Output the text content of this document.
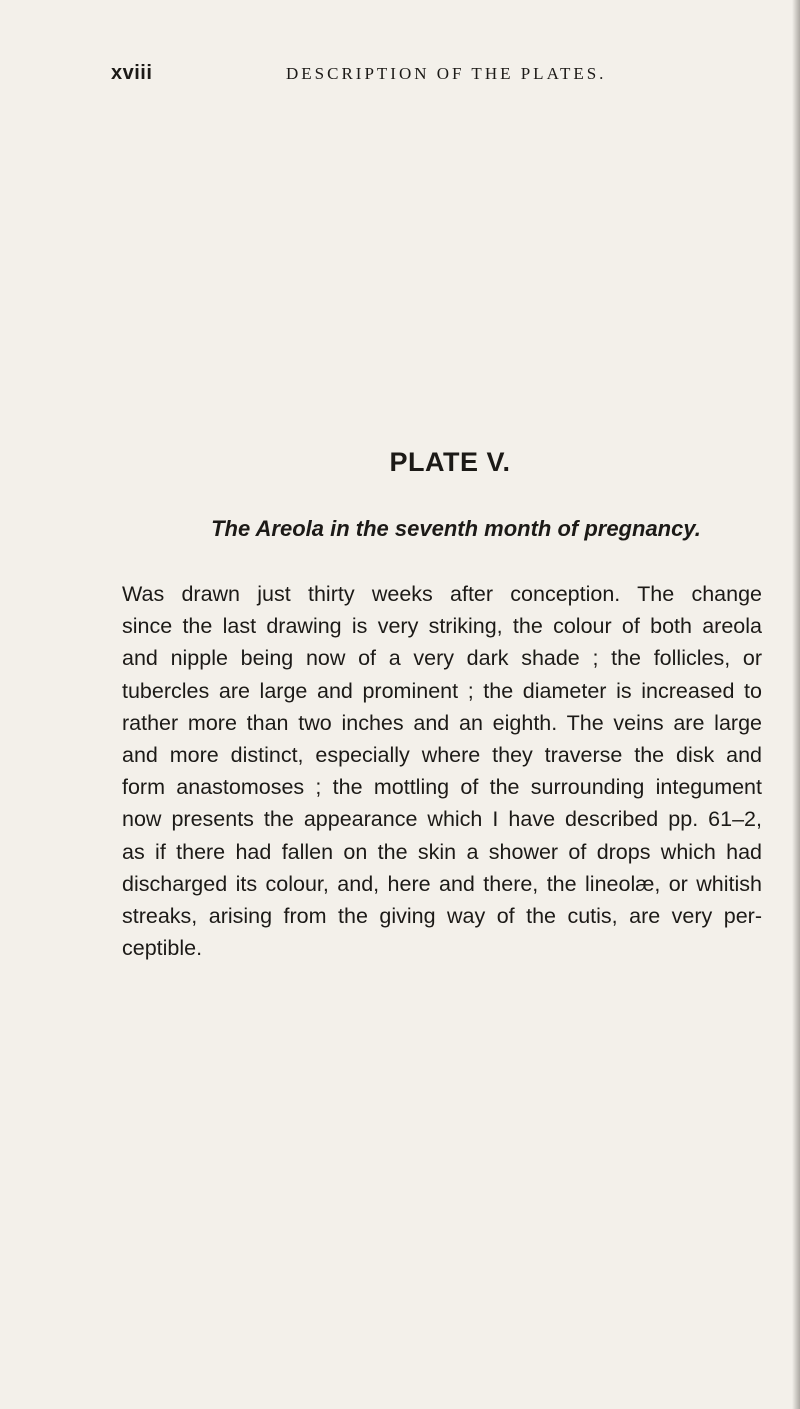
xviii	DESCRIPTION OF THE PLATES.
PLATE V.
The Areola in the seventh month of pregnancy.
Was drawn just thirty weeks after conception. The change
since the last drawing is very striking, the colour of both areola
and nipple being now of a very dark shade ; the follicles, or
tubercles are large and prominent ; the diameter is increased to
rather more than two inches and an eighth. The veins are large
and more distinct, especially where they traverse the disk and
form anastomoses ; the mottling of the surrounding integument
now presents the appearance which I have described pp. 61–2,
as if there had fallen on the skin a shower of drops which had
discharged its colour, and, here and there, the lineolæ, or whitish
streaks, arising from the giving way of the cutis, are very per-
ceptible.
